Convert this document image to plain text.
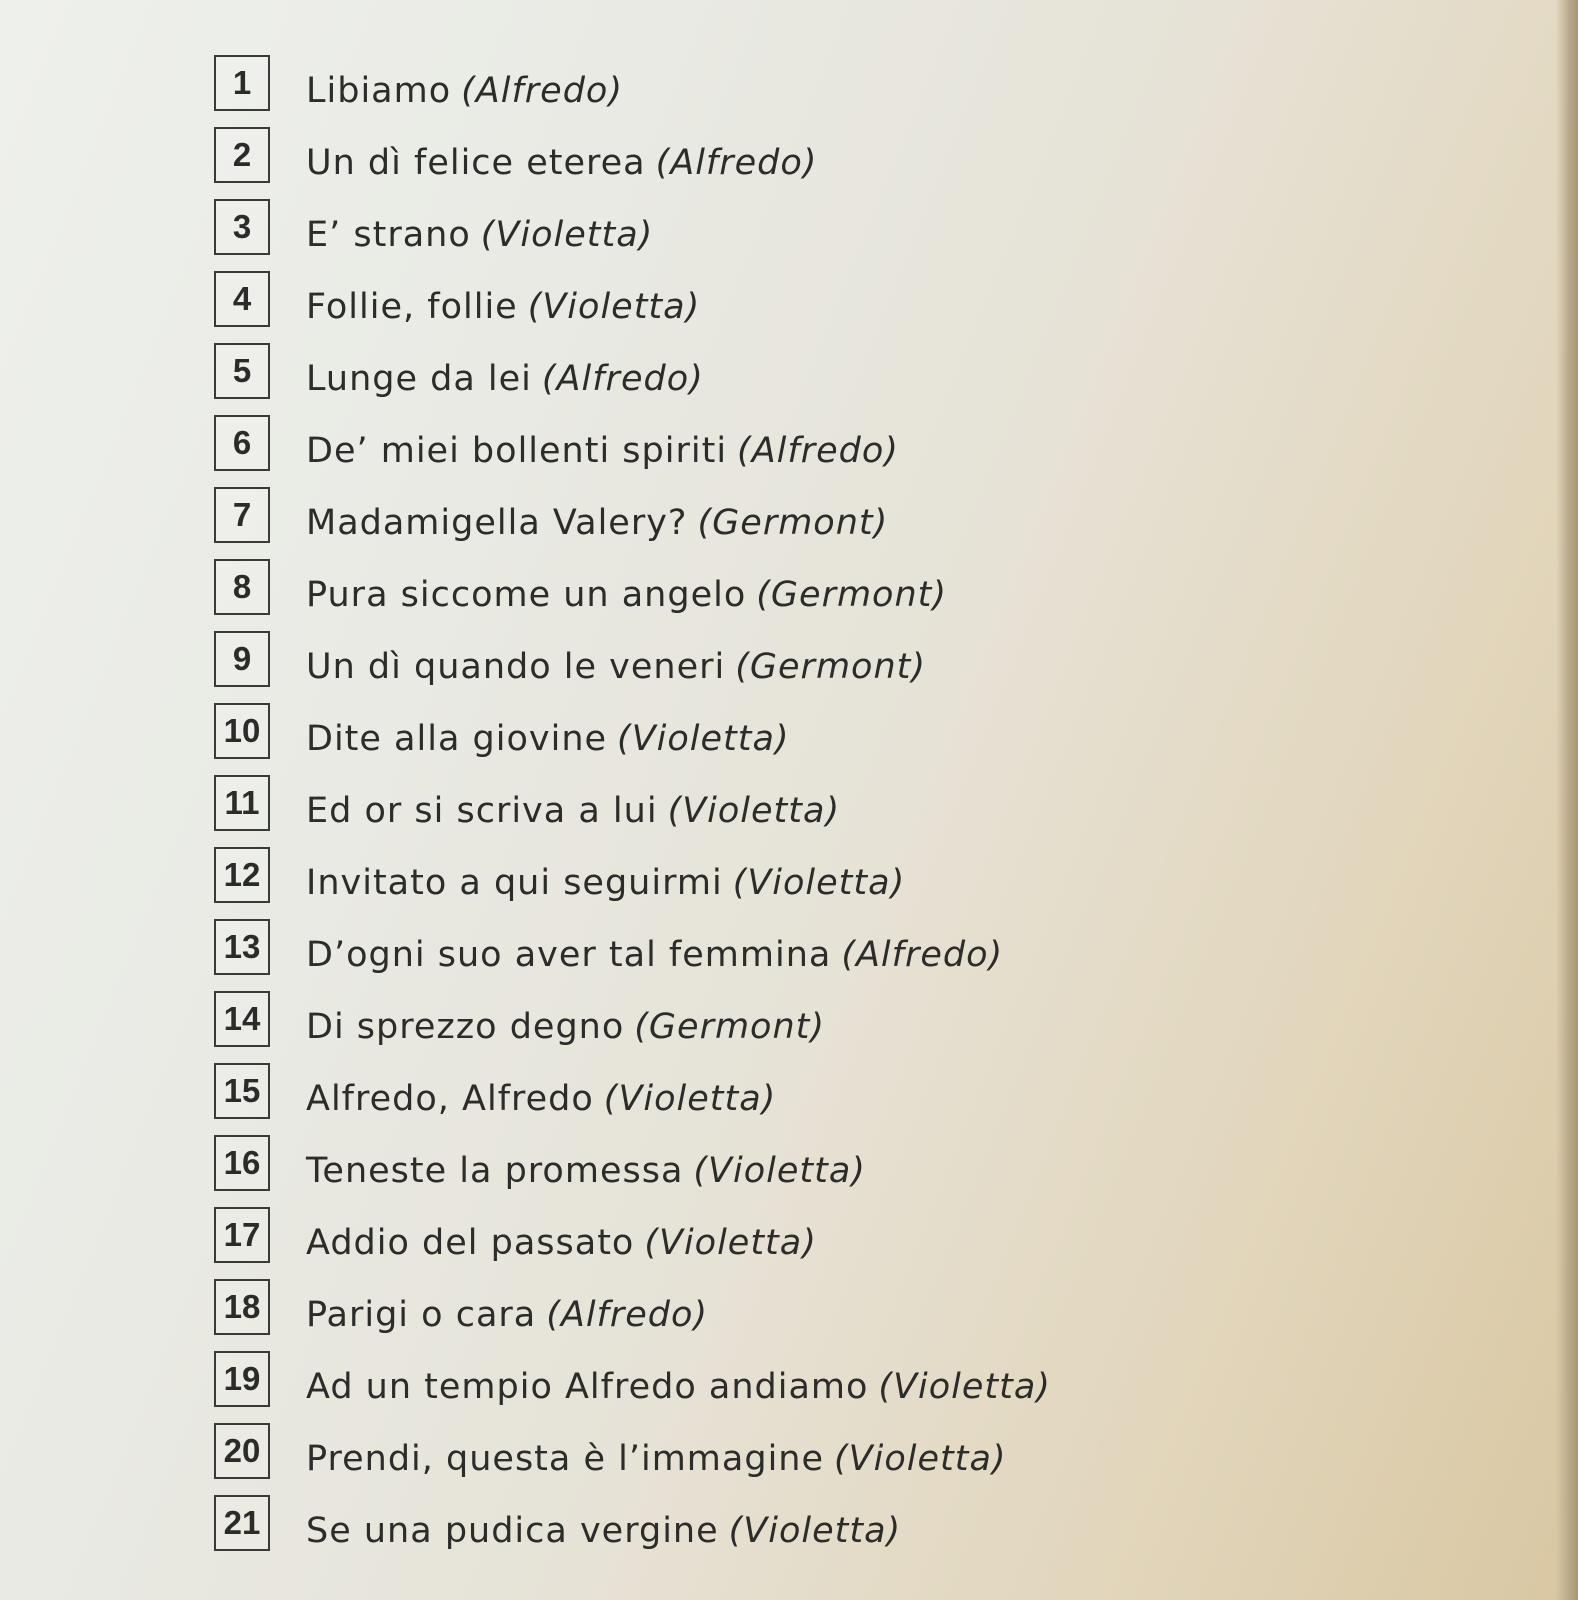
1	Libiamo (Alfredo)
2	Un dì felice eterea (Alfredo)
3	E’ strano (Violetta)
4	Follie, follie (Violetta)
5	Lunge da lei (Alfredo)
6	De’ miei bollenti spiriti (Alfredo)
7	Madamigella Valery? (Germont)
8	Pura siccome un angelo (Germont)
9	Un dì quando le veneri (Germont)
10 Dite alla giovine (Violetta)
11	Ed or si scriva a lui (Violetta)
12 Invitato a qui seguirmi (Violetta)
13 D’ogni suo aver tal femmina (Alfredo)
14 Di sprezzo degno (Germont)
15 Alfredo, Alfredo (Violetta)
16 Teneste la promessa (Violetta)
17 Addio del passato (Violetta)
18 Parigi o cara (Alfredo)
19 Ad un tempio Alfredo andiamo (Violetta)
20 Prendi, questa è l’immagine (Violetta)
21 Se una pudica vergine (Violetta)
